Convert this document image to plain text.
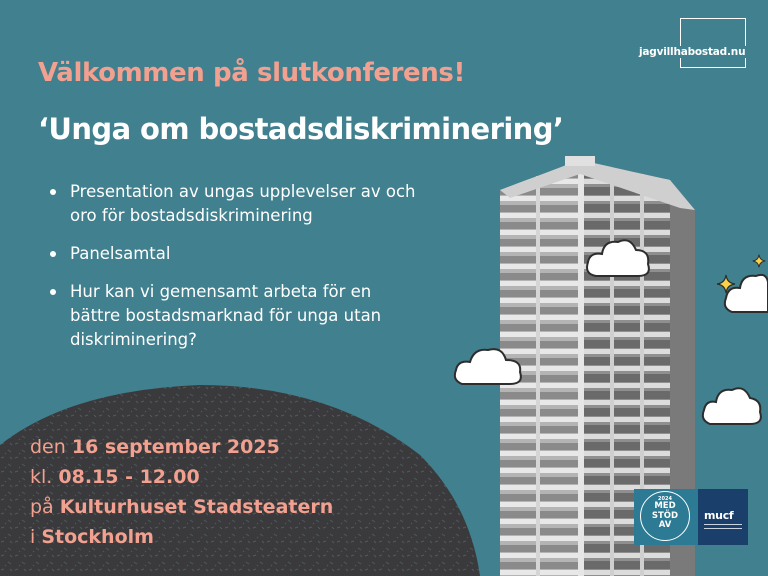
jagvillhabostad.nu
Välkommen på slutkonferens!
‘Unga om bostadsdiskriminering’
Presentation av ungas upplevelser av och
oro för bostadsdiskriminering
Panelsamtal
Hur kan vi gemensamt arbeta för en
bättre bostadsmarknad för unga utan
diskriminering?
den 16 september 2025
kl. 08.15 - 12.00
på Kulturhuset Stadsteatern
i Stockholm
2024
MED
STÖD
AV
mucf
